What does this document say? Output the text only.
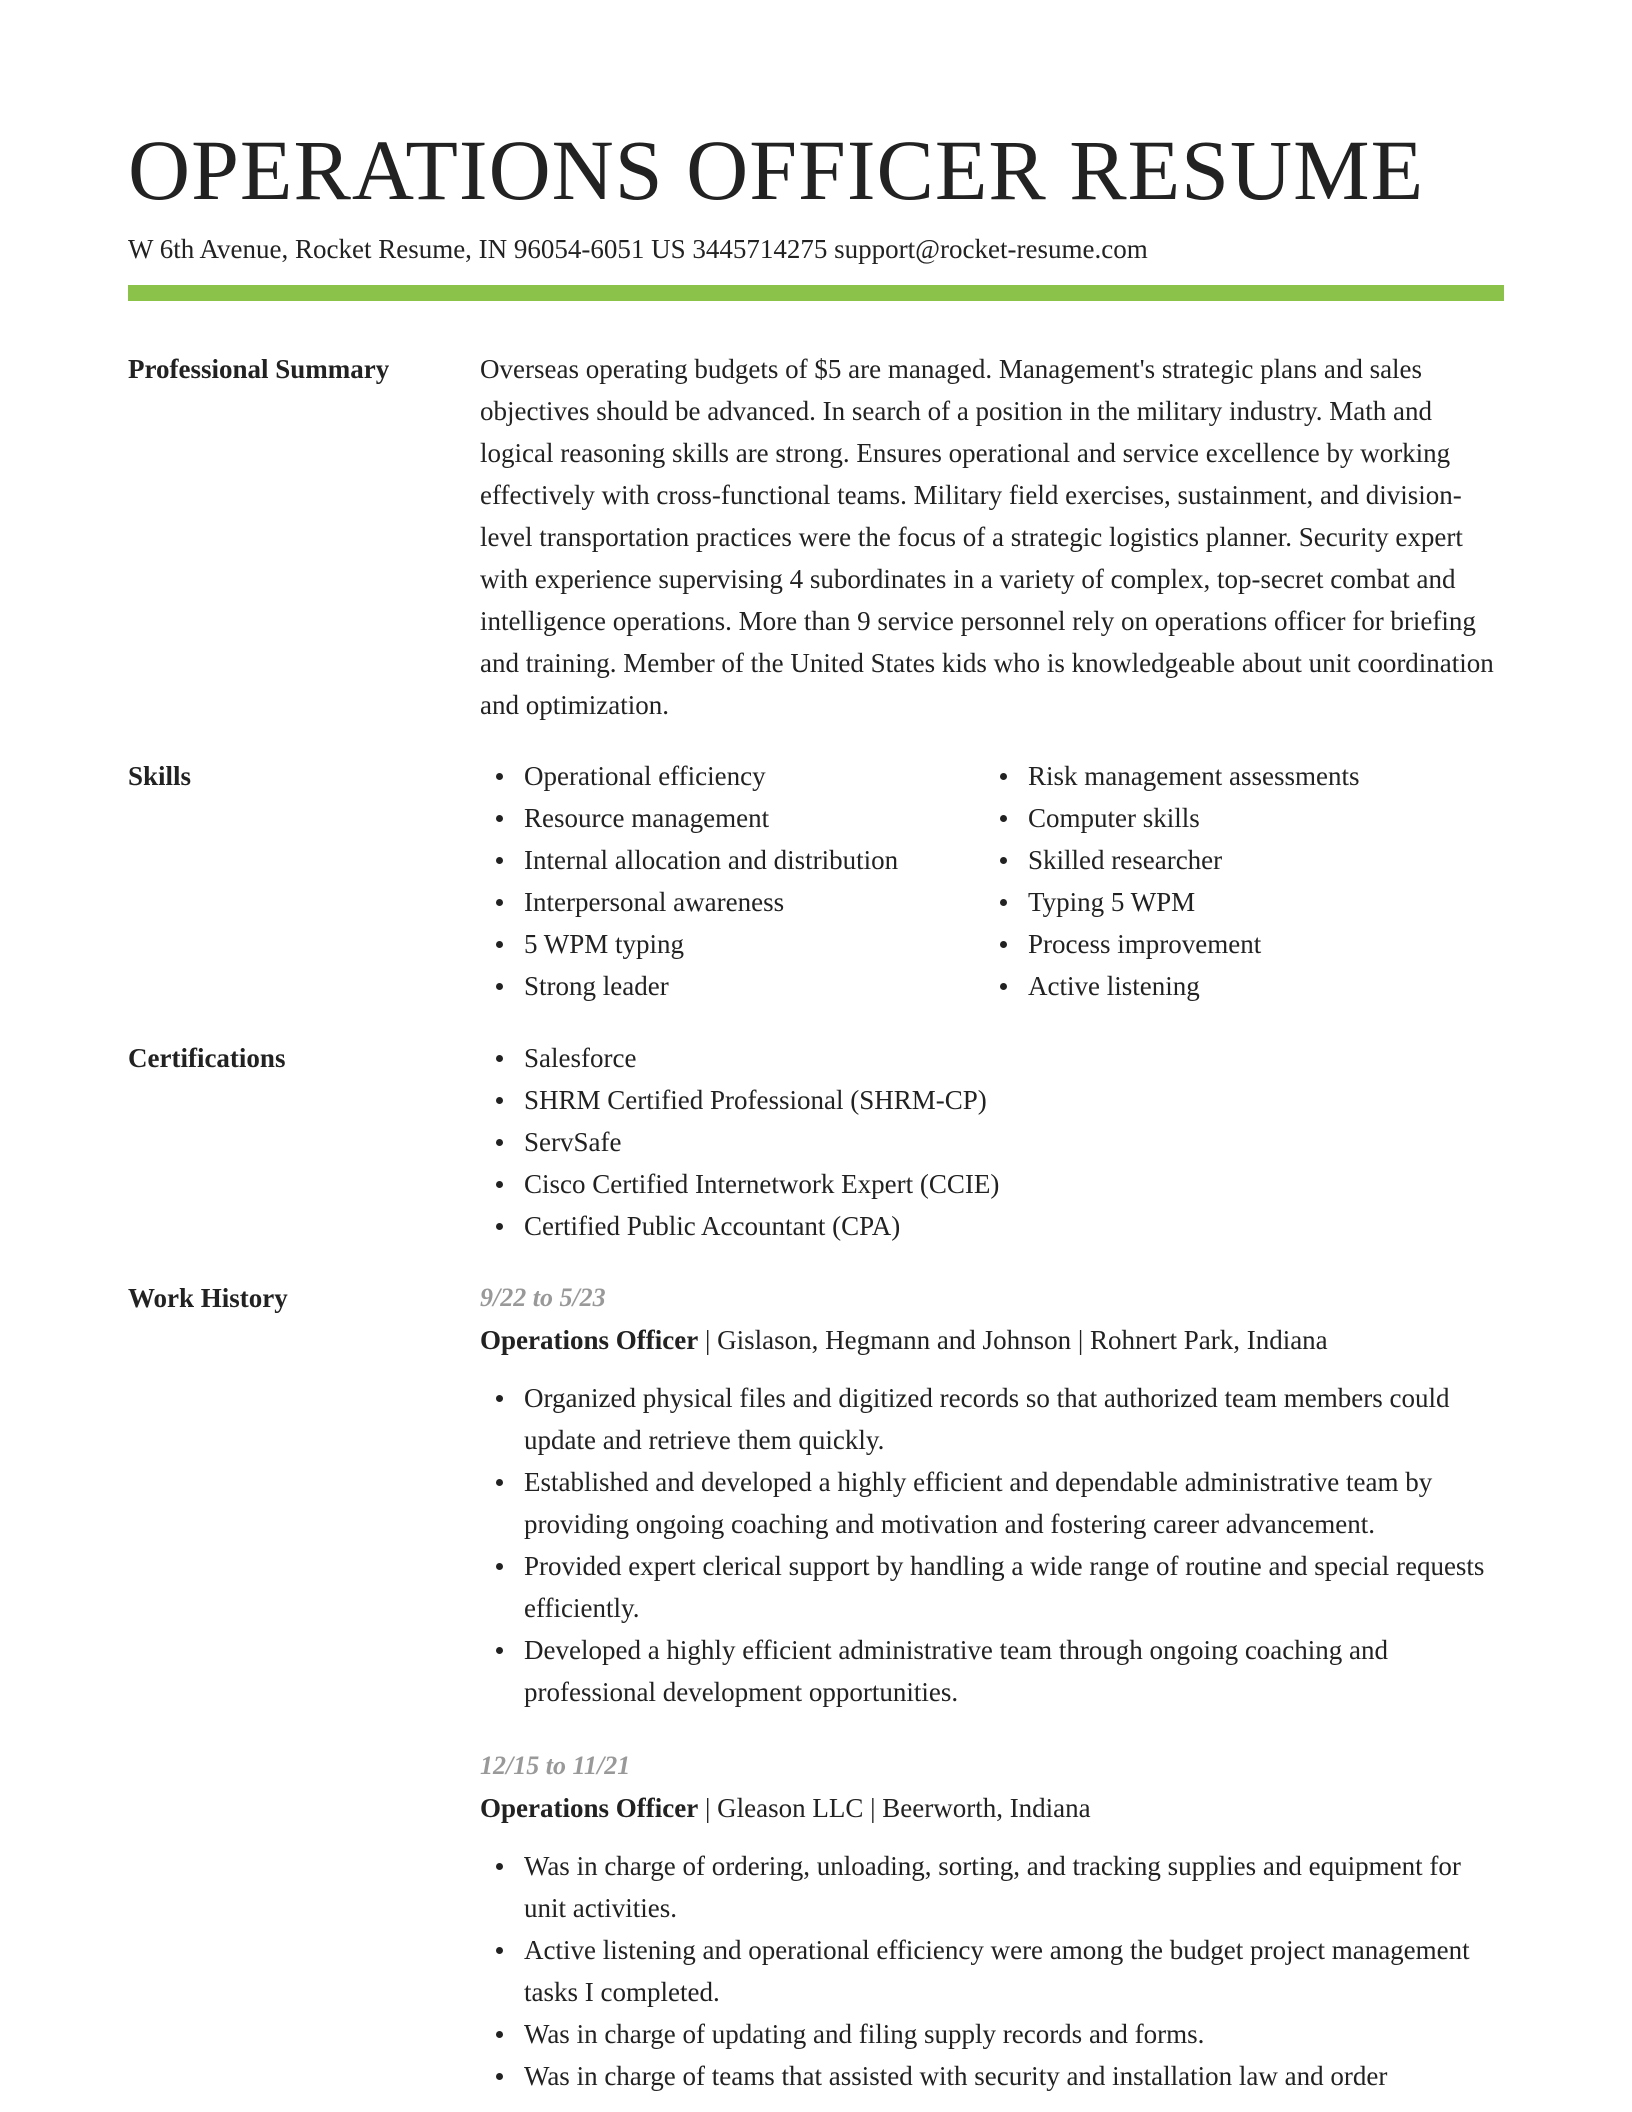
OPERATIONS OFFICER RESUME
W 6th Avenue, Rocket Resume, IN 96054-6051 US 3445714275 support@rocket-resume.com
Professional Summary	Overseas operating budgets of $5 are managed. Management's strategic plans and sales objectives should be advanced. In search of a position in the military industry. Math and logical reasoning skills are strong. Ensures operational and service excellence by working effectively with cross-functional teams. Military field exercises, sustainment, and division-level transportation practices were the focus of a strategic logistics planner. Security expert with experience supervising 4 subordinates in a variety of complex, top-secret combat and intelligence operations. More than 9 service personnel rely on operations officer for briefing and training. Member of the United States kids who is knowledgeable about unit coordination and optimization.
Skills	Operational efficiency
Resource management
Internal allocation and distribution
Interpersonal awareness
5 WPM typing
Strong leader
Risk management assessments
Computer skills
Skilled researcher
Typing 5 WPM
Process improvement
Active listening
Certifications	Salesforce
SHRM Certified Professional (SHRM-CP)
ServSafe
Cisco Certified Internetwork Expert (CCIE)
Certified Public Accountant (CPA)
Work History	9/22 to 5/23
Operations Officer | Gislason, Hegmann and Johnson | Rohnert Park, Indiana
Organized physical files and digitized records so that authorized team members could update and retrieve them quickly.
Established and developed a highly efficient and dependable administrative team by providing ongoing coaching and motivation and fostering career advancement.
Provided expert clerical support by handling a wide range of routine and special requests efficiently.
Developed a highly efficient administrative team through ongoing coaching and professional development opportunities.
12/15 to 11/21
Operations Officer | Gleason LLC | Beerworth, Indiana
Was in charge of ordering, unloading, sorting, and tracking supplies and equipment for unit activities.
Active listening and operational efficiency were among the budget project management tasks I completed.
Was in charge of updating and filing supply records and forms.
Was in charge of teams that assisted with security and installation law and order
